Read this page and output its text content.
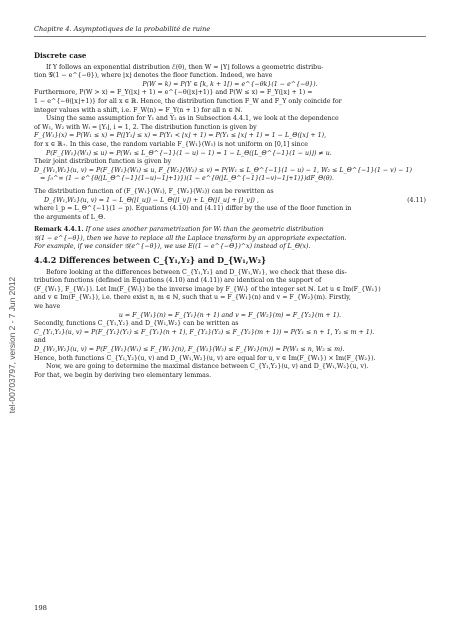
tel-00703797, version 2 - 7 Jun 2012
Chapitre 4. Asymptotiques de la probabilité de ruine
Discrete case

If Y follows an exponential distribution ℰ(θ), then W = ⌊Y⌋ follows a geometric distribu-

tion 𝒢(1 − e^{−θ}), where ⌊x⌋ denotes the floor function. Indeed, we have

P(W = k) = P(Y ∈ [k, k + 1[) = e^{−θk}(1 − e^{−θ}).

Furthermore, P(W > x) = F̄_Y(⌊x⌋ + 1) = e^{−θ(⌊x⌋+1)} and P(W ≤ x) = F_Y(⌊x⌋ + 1) =

1 − e^{−θ(⌊x⌋+1)} for all x ∈ ℝ. Hence, the distribution function F_W and F_Y only coincide for

integer values with a shift, i.e. F_W(n) = F_Y(n + 1) for all n ∈ ℕ.

Using the same assumption for Y₁ and Y₂ as in Subsection 4.4.1, we look at the dependence

of W₁, W₂ with Wᵢ = ⌊Yᵢ⌋, i = 1, 2. The distribution function is given by

F_{W₁}(x) = P(W₁ ≤ x) = P(⌊Y₁⌋ ≤ x) = P(Y₁ < ⌊x⌋ + 1) = P(Y₁ ≤ ⌊x⌋ + 1) = 1 − L_Θ(⌊x⌋ + 1),

for x ∈ ℝ₊. In this case, the random variable F_{W₁}(W₁) is not uniform on [0,1] since

P(F_{W₁}(W₁) ≤ u) = P(W₁ ≤ L_Θ^{−1}(1 − u) − 1) = 1 − L_Θ(⌊L_Θ^{−1}(1 − u)⌋) ≠ u.

Their joint distribution function is given by

D_{W₁,W₂}(u, v) = P(F_{W₁}(W₁) ≤ u, F_{W₂}(W₂) ≤ v) = P(W₁ ≤ L_Θ^{−1}(1 − u) − 1, W₂ ≤ L_Θ^{−1}(1 − v) − 1)

= ∫₀^∞ (1 − e^{θ(⌊L_Θ^{−1}(1−u)−1⌋+1)})(1 − e^{θ(⌊L_Θ^{−1}(1−v)−1⌋+1)})dF_Θ(θ).

The distribution function of (F_{W₁}(W₁), F_{W₂}(W₂)) can be rewritten as

D_{W₁,W₂}(u, v) = 1 − L_Θ(⌊l_u⌋) − L_Θ(⌊l_v⌋) + L_Θ(⌊l_u⌋ + ⌊l_v⌋) ,	(4.11)

where l_p = L_Θ^{−1}(1 − p). Equations (4.10) and (4.11) differ by the use of the floor function in

the arguments of L_Θ.

Remark 4.4.1. If one uses another parametrization for Wᵢ than the geometric distribution

𝒢(1 − e^{−θ}), then we have to replace all the Laplace transform by an appropriate expectation.

For example, if we consider 𝒢(e^{−θ}), we use E((1 − e^{−Θ})^x) instead of L_Θ(x).

4.4.2 Differences between C_{Y₁,Y₂} and D_{W₁,W₂}

Before looking at the differences between C_{Y₁,Y₂} and D_{W₁,W₂}, we check that these dis-

tribution functions (defined in Equations (4.10) and (4.11)) are identical on the support of

(F_{W₁}, F_{W₂}). Let Im(F_{Wᵢ}) be the inverse image by F_{Wᵢ} of the integer set ℕ. Let u ∈ Im(F_{W₁})

and v ∈ Im(F_{W₂}), i.e. there exist n, m ∈ ℕ, such that u = F_{W₁}(n) and v = F_{W₂}(m). Firstly,

we have

u = F_{W₁}(n) = F_{Y₁}(n + 1) and v = F_{W₂}(m) = F_{Y₂}(m + 1).

Secondly, functions C_{Y₁,Y₂} and D_{W₁,W₂} can be written as

C_{Y₁,Y₂}(u, v) = P(F_{Y₁}(Y₁) ≤ F_{Y₁}(n + 1), F_{Y₂}(Y₂) ≤ F_{Y₂}(m + 1)) = P(Y₁ ≤ n + 1, Y₂ ≤ m + 1).

and

D_{W₁,W₂}(u, v) = P(F_{W₁}(W₁) ≤ F_{W₁}(n), F_{W₂}(W₂) ≤ F_{W₂}(m)) = P(W₁ ≤ n, W₂ ≤ m).

Hence, both functions C_{Y₁,Y₂}(u, v) and D_{W₁,W₂}(u, v) are equal for u, v ∈ Im(F_{W₁}) × Im(F_{W₂}).

Now, we are going to determine the maximal distance between C_{Y₁,Y₂}(u, v) and D_{W₁,W₂}(u, v).

For that, we begin by deriving two elementary lemmas.

198
